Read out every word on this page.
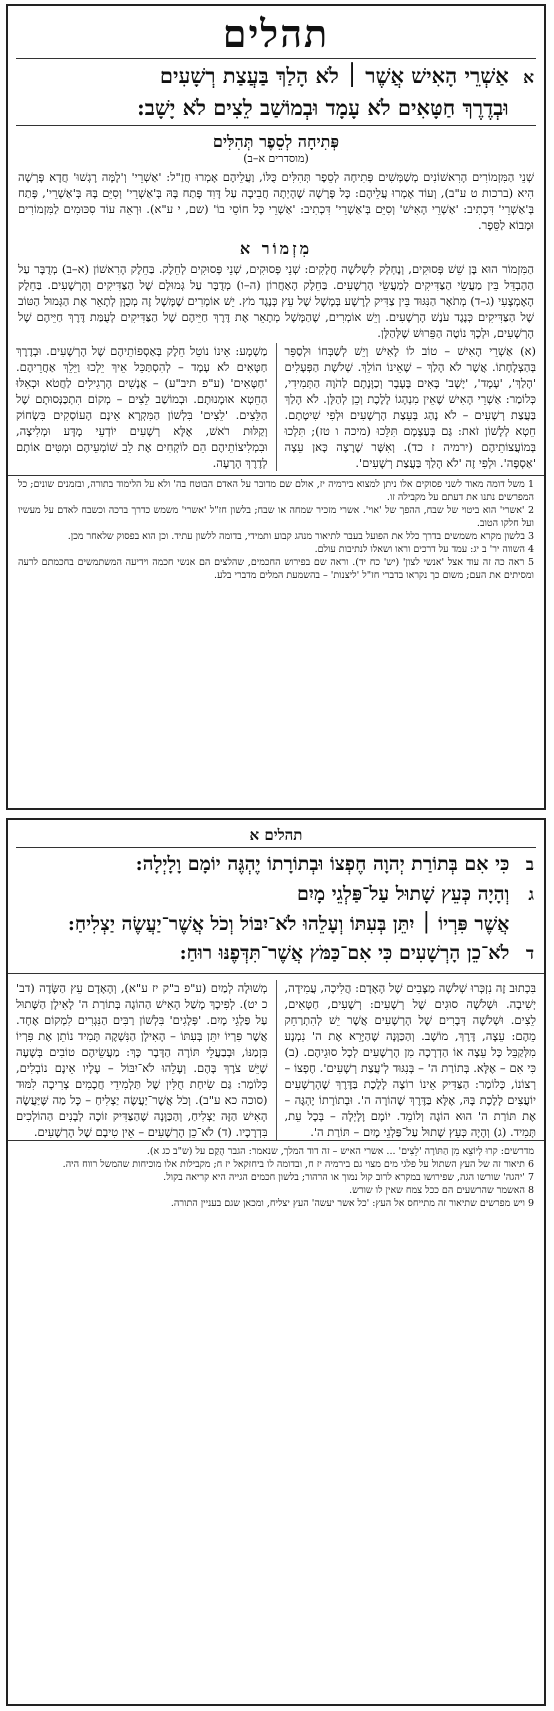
תהלים
א אַשְׁרֵי הָאִישׁ אֲשֶׁר ׀ לֹא הָלַךְ בַּעֲצַת רְשָׁעִים
וּבְדֶרֶךְ חַטָּאִים לֹא עָמָד וּבְמוֹשַׁב לֵצִים לֹא יָשָׁב:
פְּתִיחָה לְסֵפֶר תְּהִלִּים
(מוסדרים א–ב)

שְׁנֵי הַמִּזְמוֹרִים הָרִאשׁוֹנִים מְשַׁמְּשִׁים פְּתִיחָה לְסֵפֶר תְּהִלִּים כֻּלּוֹ, וַעֲלֵיהֶם אָמְרוּ חֲזַ"ל: 'אַשְׁרֵי' וְ'לָמָּה רָגְשׁוּ' חֲדָא פָּרְשָׁה הִיא (ברכות ט ע"ב), וְעוֹד אָמְרוּ עֲלֵיהֶם: כָּל פָּרָשָׁה שֶׁהָיְתָה חֲבִיבָה עַל דָּוִד פָּתַח בָּהּ בְּ'אַשְׁרֵי' וְסִיֵּם בָּהּ בְּ'אַשְׁרֵי', פָּתַח בְּ'אַשְׁרֵי' דִּכְתִיב: 'אַשְׁרֵי הָאִישׁ' וְסִיֵּם בְּ'אַשְׁרֵי' דִּכְתִיב: 'אַשְׁרֵי כָּל חוֹסֵי בוֹ' (שם, י ע"א). וּרְאֵה עוֹד סִכּוּמִים לַמִּזְמוֹרִים וּמָבוֹא לַסֵּפֶר.

מִזְמוֹר א

הַמִּזְמוֹר הוּא בֶּן שֵׁשׁ פְּסוּקִים, וְנֶחְלָק לִשְׁלֹשָׁה חֲלָקִים: שְׁנֵי פְּסוּקִים, שְׁנֵי פְּסוּקִים לְחֵלֶק. בַּחֵלֶק הָרִאשׁוֹן (א–ב) מְדֻבָּר עַל הַהֶבְדֵּל בֵּין מַעֲשֵׂי הַצַּדִּיקִים לְמַעֲשֵׂי הָרְשָׁעִים. בַּחֵלֶק הָאַחֲרוֹן (ה–ו) מְדֻבָּר עַל גְּמוּלָם שֶׁל הַצַּדִּיקִים וְהָרְשָׁעִים. בַּחֵלֶק הָאֶמְצָעִי (ג–ד) מְתֹאָר הַנִּגּוּד בֵּין צַדִּיק לְרָשָׁע בְּמָשָׁל שֶׁל עֵץ כְּנֶגֶד מֹץ. יֵשׁ אוֹמְרִים שֶׁמָּשָׁל זֶה מְכֻוָּן לְתָאֵר אֶת הַגְּמוּל הַטּוֹב שֶׁל הַצַּדִּיקִים כְּנֶגֶד עֹנֶשׁ הָרְשָׁעִים. וְיֵשׁ אוֹמְרִים, שֶׁהַמָּשָׁל מְתָאֵר אֶת דֶּרֶךְ חַיֵּיהֶם שֶׁל הַצַּדִּיקִים לְעֻמַּת דֶּרֶךְ חַיֵּיהֶם שֶׁל הָרְשָׁעִים, וּלְכָךְ נוֹטֶה הַפֵּרוּשׁ שֶׁלְּהַלָּן.

(א) אַשְׁרֵי הָאִישׁ – טוֹב לוֹ לָאִישׁ וְיֵשׁ לְשַׁבְּחוֹ וּלְסַפֵּר בְּהַצְלָחָתוֹ. אֲשֶׁר לֹא הָלַךְ – שֶׁאֵינוֹ הוֹלֵךְ. שְׁלֹשֶׁת הַפְּעָלִים 'הָלַךְ', 'עָמָד', 'יָשָׁב' בָּאִים בֶּעָבָר וְכַוָּנָתָם לַהֹוֶה הַתְּמִידִי, כְּלוֹמַר: אַשְׁרֵי הָאִישׁ שֶׁאֵין מִנְהָגוֹ לָלֶכֶת וְכֵן לְהַלָּן. לֹא הָלַךְ בַּעֲצַת רְשָׁעִים – לֹא נָהַג בְּעֵצַת הָרְשָׁעִים וּלְפִי שִׁיטָתָם. חֵטְא לְלָשׁוֹן זֹאת: גַּם בְּעַצְמָם תִּלֵּכוּ (מיכה ו טז); תִּלְכוּ בְּמוֹעֲצוֹתֵיהֶם (ירמיה ז כד). וְאִשָּׁר שֶׁרָצָה כָּאן עֵצָה 'אַסְפָּה'. וּלְפִי זֶה 'לֹא הָלַךְ בַּעֲצַת רְשָׁעִים'.
מַשְׁמָע: אֵינוֹ נוֹטֵל חֵלֶק בְּאַסְפוֹתֵיהֶם שֶׁל הָרְשָׁעִים. וּבְדֶרֶךְ חַטָּאִים לֹא עָמָד – לְהִסְתַּכֵּל אֵיךְ יֵלְכוּ וַיֵּלֵךְ אַחֲרֵיהֶם. 'חַטָּאִים' (ע"פ תיב"ע) – אֲנָשִׁים הָרְגִילִים לַחֲטֹא וּכְאִלּוּ הַחֵטְא אוּמָנוּתָם. וּבְמוֹשַׁב לֵצִים – מְקוֹם הִתְכַּנְּסוּתָם שֶׁל הַלֵּצִים. 'לֵצִים' בִּלְשׁוֹן הַמִּקְרָא אֵינָם הָעוֹסְקִים בִּשְׂחוֹק וְקַלּוּת רֹאשׁ, אֶלָּא רְשָׁעִים יוֹדְעֵי מָדָּע וּמְלִיצָה, וּבִמְלִיצוֹתֵיהֶם הֵם לוֹקְחִים אֶת לֵב שׁוֹמְעֵיהֶם וּמְטִּים אוֹתָם לְדֶרֶךְ הָרָעָה.

1 משל דומה מאוד לשני פסוקים אלו ניתן למצוא בירמיה יז, אולם שם מדובר על האדם הבוטח בה' ולא על הלימוד בתורה, ובזמנים שונים; כל המפרשים נתנו את דעתם על מקבילה זו.

2 'אשרי' הוא ביטוי של שבח, ההפך של 'אוי'. אשרי מזכיר שמחה או שבח; בלשון חז"ל 'אשרי' משמש כדרך ברכה וכשבח לאדם על מעשיו ועל חלקו הטוב.

3 בלשון מקרא משמשים בדרך כלל את הפועל בעבר לתיאור מנהג קבוע ותמידי, בדומה ללשון עתיד. וכן הוא בפסוק שלאחר מכן.

4 השווה יר' ב יג: עמד על דרכים וראו ושאלו לנתיבות עולם.

5 ראה כה זה עוד אצל 'אנשי לצון' (יש' כח יד). וראה שם בפירוש החכמים, שהלצים הם אנשי חכמה וידיעה המשתמשים בחכמתם לרעה ומסיתים את העם; משום כך נקראו בדברי חז"ל 'ליצנות' – בהשמעת המלים מדברי בלע.

תהלים א
ב כִּי אִם בְּתוֹרַת יְהוָה חֶפְצוֹ וּבְתוֹרָתוֹ יֶהְגֶּה יוֹמָם וָלָיְלָה:
ג וְהָיָה כְּעֵץ שָׁתוּל עַל־פַּלְגֵי מָיִם
אֲשֶׁר פִּרְיוֹ ׀ יִתֵּן בְּעִתּוֹ וְעָלֵהוּ לֹא־יִבּוֹל וְכֹל אֲשֶׁר־יַעֲשֶׂה יַצְלִיחַ:
ד לֹא־כֵן הָרְשָׁעִים כִּי אִם־כַּמֹּץ אֲשֶׁר־תִּדְּפֶנּוּ רוּחַ:
בִּכְתוּב זֶה נִזְכְּרוּ שְׁלֹשָׁה מַצָּבִים שֶׁל הָאָדָם: הֲלִיכָה, עֲמִידָה, יְשִׁיבָה. וּשְׁלֹשָׁה סוּגִים שֶׁל רְשָׁעִים: רְשָׁעִים, חַטָּאִים, לֵצִים. וּשְׁלֹשָׁה דְּבָרִים שֶׁל הָרְשָׁעִים אֲשֶׁר יֵשׁ לְהִתְרַחֵק מֵהֶם: עֵצָה, דֶּרֶךְ, מוֹשָׁב. וְהַכַּוָּנָה שֶׁהַיָּרֵא אֶת ה' נִמְנָע מִלְּקַבֵּל כָּל עֵצָה אוֹ הַדְרָכָה מִן הָרְשָׁעִים לְכָל סוּגֵיהֶם. (ב) כִּי אִם – אֶלָּא. בְּתוֹרַת ה' – בְּנִגּוּד לְ'עֲצַת רְשָׁעִים'. חֶפְצוֹ – רְצוֹנוֹ, כְּלוֹמַר: הַצַּדִּיק אֵינוֹ רוֹצֶה לָלֶכֶת בַּדֶּרֶךְ שֶׁהָרְשָׁעִים יוֹעֲצִים לָלֶכֶת בָּהּ, אֶלָּא בַּדֶּרֶךְ שֶׁהוֹרָה ה'. וּבְתוֹרָתוֹ יֶהְגֶּה – אֶת תּוֹרַת ה' הוּא הוֹגֶה וְלוֹמֵד. יוֹמָם וָלָיְלָה – בְּכָל עֵת, תָּמִיד. (ג) וְהָיָה כְּעֵץ שָׁתוּל עַל־פַּלְגֵי מָיִם – תּוֹרַת ה'.
מְשׁוּלָה לְמַיִם (ע"פ ב"ק יז ע"א), וְהָאָדָם עֵץ הַשָּׂדֶה (דב' כ יט). לְפִיכָךְ מָשַׁל הָאִישׁ הַהוֹגֶה בְּתוֹרַת ה' לָאִילָן הַשָּׁתוּל עַל פַּלְגֵי מָיִם. 'פְּלָגִים' בִּלְשׁוֹן רַבִּים הַנִּגְרִים לִמְקוֹם אֶחָד. אֲשֶׁר פִּרְיוֹ יִתֵּן בְּעִתּוֹ – הָאִילָן הַנִּשְׁקֶה תָּמִיד נוֹתֵן אֶת פִּרְיוֹ בִּזְמַנּוֹ, וּבְבַעֲלֵי תּוֹרָה הַדָּבָר כָּךְ: מַעֲשֵׂיהֶם טוֹבִים בְּשָׁעָה שֶׁיֵּשׁ צֹרֶךְ בָּהֶם. וְעָלֵהוּ לֹא־יִבּוֹל – עָלָיו אֵינָם נוֹבְלִים, כְּלוֹמַר: גַּם שִׂיחַת חֻלִּין שֶׁל תַּלְמִידֵי חֲכָמִים צְרִיכָה לִמּוּד (סוכה כא ע"ב). וְכֹל אֲשֶׁר־יַעֲשֶׂה יַצְלִיחַ – כָּל מַה שֶּׁיַּעֲשֶׂה הָאִישׁ הַזֶּה יַצְלִיחַ, וְהַכַּוָּנָה שֶׁהַצַּדִּיק זוֹכֶה לְבָנִים הַהוֹלְכִים בִּדְרָכָיו. (ד) לֹא־כֵן הָרְשָׁעִים – אֵין טִיבָם שֶׁל הָרְשָׁעִים.

מדרשים: קרוּ לְיוֹצֵא מִן הַתּוֹרָה 'לֵצִים' ... אשרי האיש – זה דוד המלך, שנאמר: הגבר הֻקַם על (ש"ב כג א).

6 תיאור זה של העץ השתול על פלגי מים מצוי גם בירמיה יז ח, ובדומה לו ביחזקאל יז ח; מקבילות אלו מוכיחות שהמשל רווח היה.

7 'יהגה' שורשו הגה, שפירושו במקרא לרוב קול נמוך או הרהור; בלשון חכמים הגייה היא קריאה בקול.

8 האשמר שהרשעים הם ככל צמח שאין לו שורש.

9 ויש מפרשים שתיאור זה מתייחס אל העץ: 'כל אשר יעשה' העץ יצליח, ומכאן שגם בעניין התורה.
